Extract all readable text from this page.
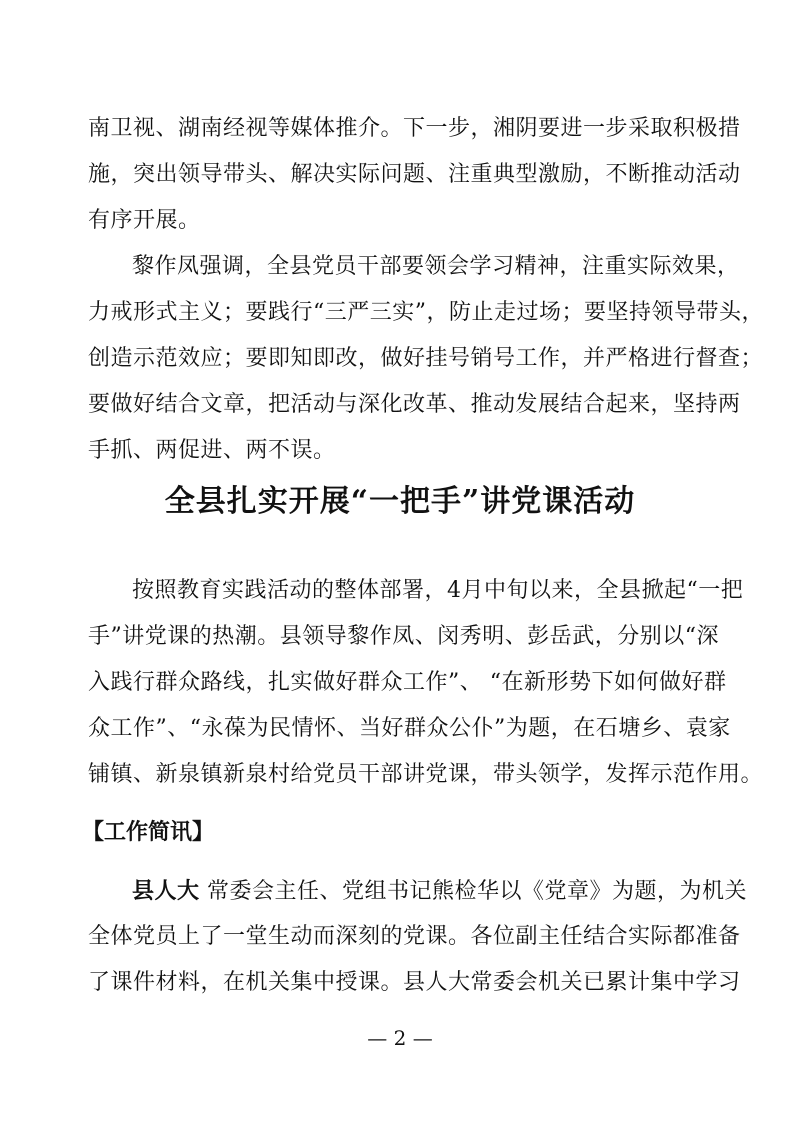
南卫视、湖南经视等媒体推介。下一步，湘阴要进一步采取积极措
施，突出领导带头、解决实际问题、注重典型激励，不断推动活动
有序开展。
黎作凤强调，全县党员干部要领会学习精神，注重实际效果，
力戒形式主义；要践行“三严三实”，防止走过场；要坚持领导带头，
创造示范效应；要即知即改，做好挂号销号工作，并严格进行督查；
要做好结合文章，把活动与深化改革、推动发展结合起来，坚持两
手抓、两促进、两不误。
全县扎实开展“一把手”讲党课活动
按照教育实践活动的整体部署，4月中旬以来，全县掀起“一把
手”讲党课的热潮。县领导黎作凤、闵秀明、彭岳武，分别以“深
入践行群众路线，扎实做好群众工作”、 “在新形势下如何做好群
众工作”、“永葆为民情怀、当好群众公仆”为题，在石塘乡、袁家
铺镇、新泉镇新泉村给党员干部讲党课，带头领学，发挥示范作用。
【工作简讯】
县人大 常委会主任、党组书记熊检华以《党章》为题，为机关
全体党员上了一堂生动而深刻的党课。各位副主任结合实际都准备
了课件材料，在机关集中授课。县人大常委会机关已累计集中学习
— 2 —
